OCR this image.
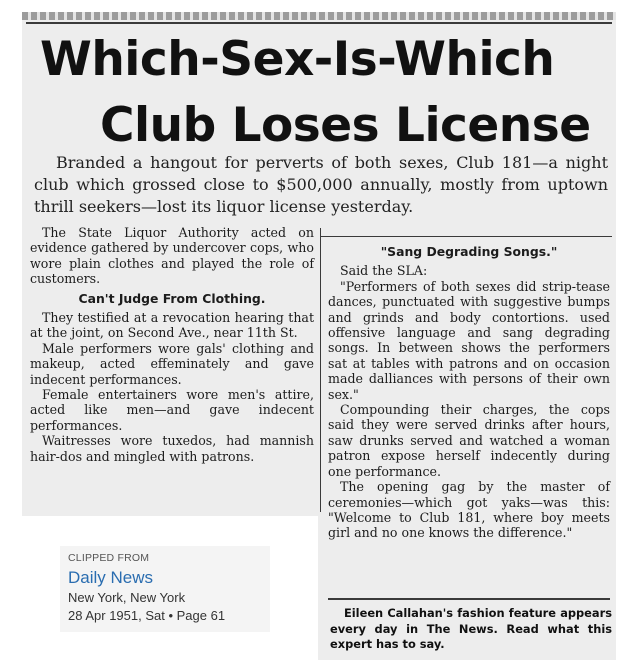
Which-Sex-Is-Which
Club Loses License

Branded a hangout for perverts of both sexes, Club 181—a night club which grossed close to $500,000 annually, mostly from uptown thrill seekers—lost its liquor license yesterday.

The State Liquor Authority acted on evidence gathered by undercover cops, who wore plain clothes and played the role of customers.

Can't Judge From Clothing.

They testified at a revocation hearing that at the joint, on Second Ave., near 11th St.

Male performers wore gals' clothing and makeup, acted effeminately and gave indecent performances.

Female entertainers wore men's attire, acted like men—and gave indecent performances.

Waitresses wore tuxedos, had mannish hair-dos and mingled with patrons.

"Sang Degrading Songs."

Said the SLA:

"Performers of both sexes did strip-tease dances, punctuated with suggestive bumps and grinds and body contortions. used offensive language and sang degrading songs. In between shows the performers sat at tables with patrons and on occasion made dalliances with persons of their own sex."

Compounding their charges, the cops said they were served drinks after hours, saw drunks served and watched a woman patron expose herself indecently during one performance.

The opening gag by the master of ceremonies—which got yaks—was this: "Welcome to Club 181, where boy meets girl and no one knows the difference."

Eileen Callahan's fashion feature appears every day in The News. Read what this expert has to say.

CLIPPED FROM
Daily News
New York, New York
28 Apr 1951, Sat • Page 61
